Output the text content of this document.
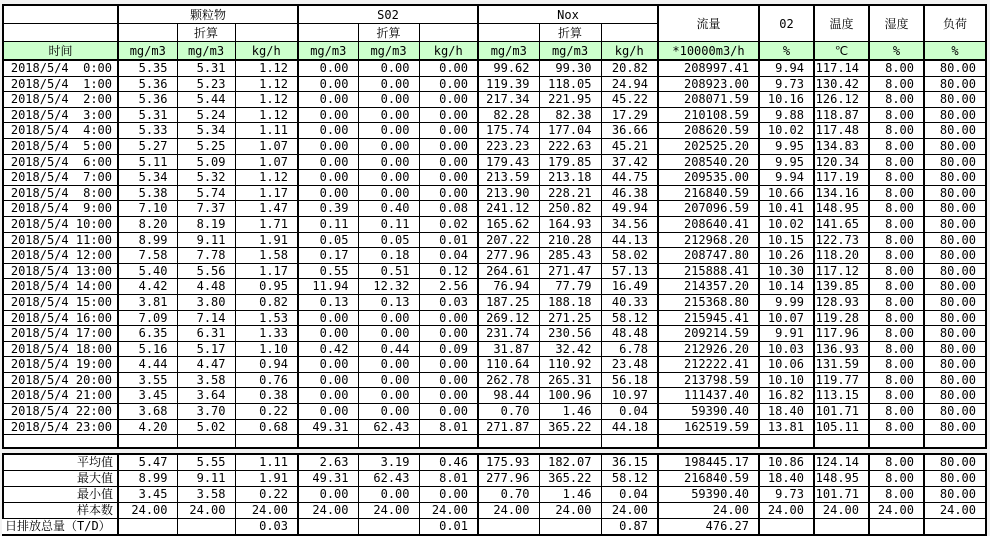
	颗粒物			S02			Nox			流量	02	温度	湿度	负荷
		折算			折算			折算						
时间	mg/m3	mg/m3	kg/h	mg/m3	mg/m3	kg/h	mg/m3	mg/m3	kg/h	*10000m3/h	%	℃	%	%
2018/5/4  0:00	5.35	5.31	1.12	0.00	0.00	0.00	99.62	99.30	20.82	208997.41	9.94	117.14	8.00	80.00
2018/5/4  1:00	5.36	5.23	1.12	0.00	0.00	0.00	119.39	118.05	24.94	208923.00	9.73	130.42	8.00	80.00
2018/5/4  2:00	5.36	5.44	1.12	0.00	0.00	0.00	217.34	221.95	45.22	208071.59	10.16	126.12	8.00	80.00
2018/5/4  3:00	5.31	5.24	1.12	0.00	0.00	0.00	82.28	82.38	17.29	210108.59	9.88	118.87	8.00	80.00
2018/5/4  4:00	5.33	5.34	1.11	0.00	0.00	0.00	175.74	177.04	36.66	208620.59	10.02	117.48	8.00	80.00
2018/5/4  5:00	5.27	5.25	1.07	0.00	0.00	0.00	223.23	222.63	45.21	202525.20	9.95	134.83	8.00	80.00
2018/5/4  6:00	5.11	5.09	1.07	0.00	0.00	0.00	179.43	179.85	37.42	208540.20	9.95	120.34	8.00	80.00
2018/5/4  7:00	5.34	5.32	1.12	0.00	0.00	0.00	213.59	213.18	44.75	209535.00	9.94	117.19	8.00	80.00
2018/5/4  8:00	5.38	5.74	1.17	0.00	0.00	0.00	213.90	228.21	46.38	216840.59	10.66	134.16	8.00	80.00
2018/5/4  9:00	7.10	7.37	1.47	0.39	0.40	0.08	241.12	250.82	49.94	207096.59	10.41	148.95	8.00	80.00
2018/5/4 10:00	8.20	8.19	1.71	0.11	0.11	0.02	165.62	164.93	34.56	208640.41	10.02	141.65	8.00	80.00
2018/5/4 11:00	8.99	9.11	1.91	0.05	0.05	0.01	207.22	210.28	44.13	212968.20	10.15	122.73	8.00	80.00
2018/5/4 12:00	7.58	7.78	1.58	0.17	0.18	0.04	277.96	285.43	58.02	208747.80	10.26	118.20	8.00	80.00
2018/5/4 13:00	5.40	5.56	1.17	0.55	0.51	0.12	264.61	271.47	57.13	215888.41	10.30	117.12	8.00	80.00
2018/5/4 14:00	4.42	4.48	0.95	11.94	12.32	2.56	76.94	77.79	16.49	214357.20	10.14	139.85	8.00	80.00
2018/5/4 15:00	3.81	3.80	0.82	0.13	0.13	0.03	187.25	188.18	40.33	215368.80	9.99	128.93	8.00	80.00
2018/5/4 16:00	7.09	7.14	1.53	0.00	0.00	0.00	269.12	271.25	58.12	215945.41	10.07	119.28	8.00	80.00
2018/5/4 17:00	6.35	6.31	1.33	0.00	0.00	0.00	231.74	230.56	48.48	209214.59	9.91	117.96	8.00	80.00
2018/5/4 18:00	5.16	5.17	1.10	0.42	0.44	0.09	31.87	32.42	6.78	212926.20	10.03	136.93	8.00	80.00
2018/5/4 19:00	4.44	4.47	0.94	0.00	0.00	0.00	110.64	110.92	23.48	212222.41	10.06	131.59	8.00	80.00
2018/5/4 20:00	3.55	3.58	0.76	0.00	0.00	0.00	262.78	265.31	56.18	213798.59	10.10	119.77	8.00	80.00
2018/5/4 21:00	3.45	3.64	0.38	0.00	0.00	0.00	98.44	100.96	10.97	111437.40	16.82	113.15	8.00	80.00
2018/5/4 22:00	3.68	3.70	0.22	0.00	0.00	0.00	0.70	1.46	0.04	59390.40	18.40	101.71	8.00	80.00
2018/5/4 23:00	4.20	5.02	0.68	49.31	62.43	8.01	271.87	365.22	44.18	162519.59	13.81	105.11	8.00	80.00

平均值	5.47	5.55	1.11	2.63	3.19	0.46	175.93	182.07	36.15	198445.17	10.86	124.14	8.00	80.00
最大值	8.99	9.11	1.91	49.31	62.43	8.01	277.96	365.22	58.12	216840.59	18.40	148.95	8.00	80.00
最小值	3.45	3.58	0.22	0.00	0.00	0.00	0.70	1.46	0.04	59390.40	9.73	101.71	8.00	80.00
样本数	24.00	24.00	24.00	24.00	24.00	24.00	24.00	24.00	24.00	24.00	24.00	24.00	24.00	24.00
日排放总量（T/D）			0.03			0.01			0.87	476.27				
